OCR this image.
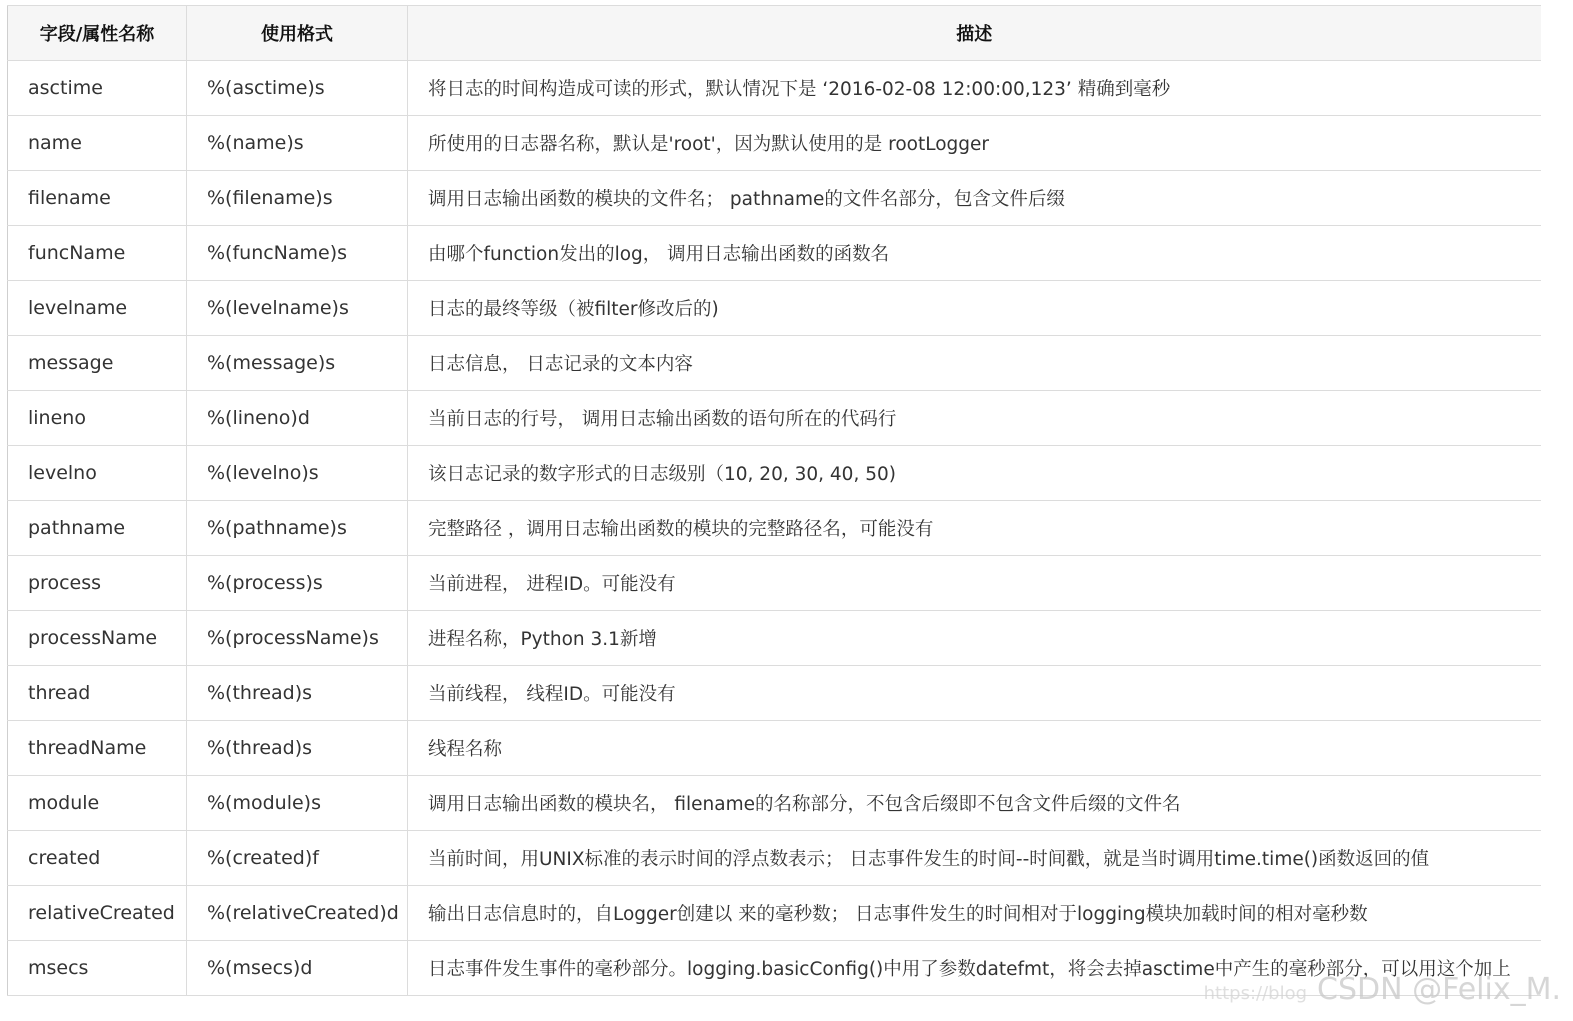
字段/属性名称	使用格式	描述
asctime	%(asctime)s	将日志的时间构造成可读的形式，默认情况下是 ‘2016-02-08 12:00:00,123’ 精确到毫秒
name	%(name)s	所使用的日志器名称，默认是'root'，因为默认使用的是 rootLogger
filename	%(filename)s	调用日志输出函数的模块的文件名； pathname的文件名部分，包含文件后缀
funcName	%(funcName)s	由哪个function发出的log， 调用日志输出函数的函数名
levelname	%(levelname)s	日志的最终等级（被filter修改后的)
message	%(message)s	日志信息， 日志记录的文本内容
lineno	%(lineno)d	当前日志的行号， 调用日志输出函数的语句所在的代码行
levelno	%(levelno)s	该日志记录的数字形式的日志级别（10, 20, 30, 40, 50)
pathname	%(pathname)s	完整路径 ，调用日志输出函数的模块的完整路径名，可能没有
process	%(process)s	当前进程， 进程ID。可能没有
processName	%(processName)s	进程名称，Python 3.1新增
thread	%(thread)s	当前线程， 线程ID。可能没有
threadName	%(thread)s	线程名称
module	%(module)s	调用日志输出函数的模块名， filename的名称部分，不包含后缀即不包含文件后缀的文件名
created	%(created)f	当前时间，用UNIX标准的表示时间的浮点数表示； 日志事件发生的时间--时间戳，就是当时调用time.time()函数返回的值
relativeCreated	%(relativeCreated)d	输出日志信息时的，自Logger创建以 来的毫秒数； 日志事件发生的时间相对于logging模块加载时间的相对毫秒数
msecs	%(msecs)d	日志事件发生事件的毫秒部分。logging.basicConfig()中用了参数datefmt，将会去掉asctime中产生的毫秒部分，可以用这个加上
https://blog CSDN @Felix_M.
